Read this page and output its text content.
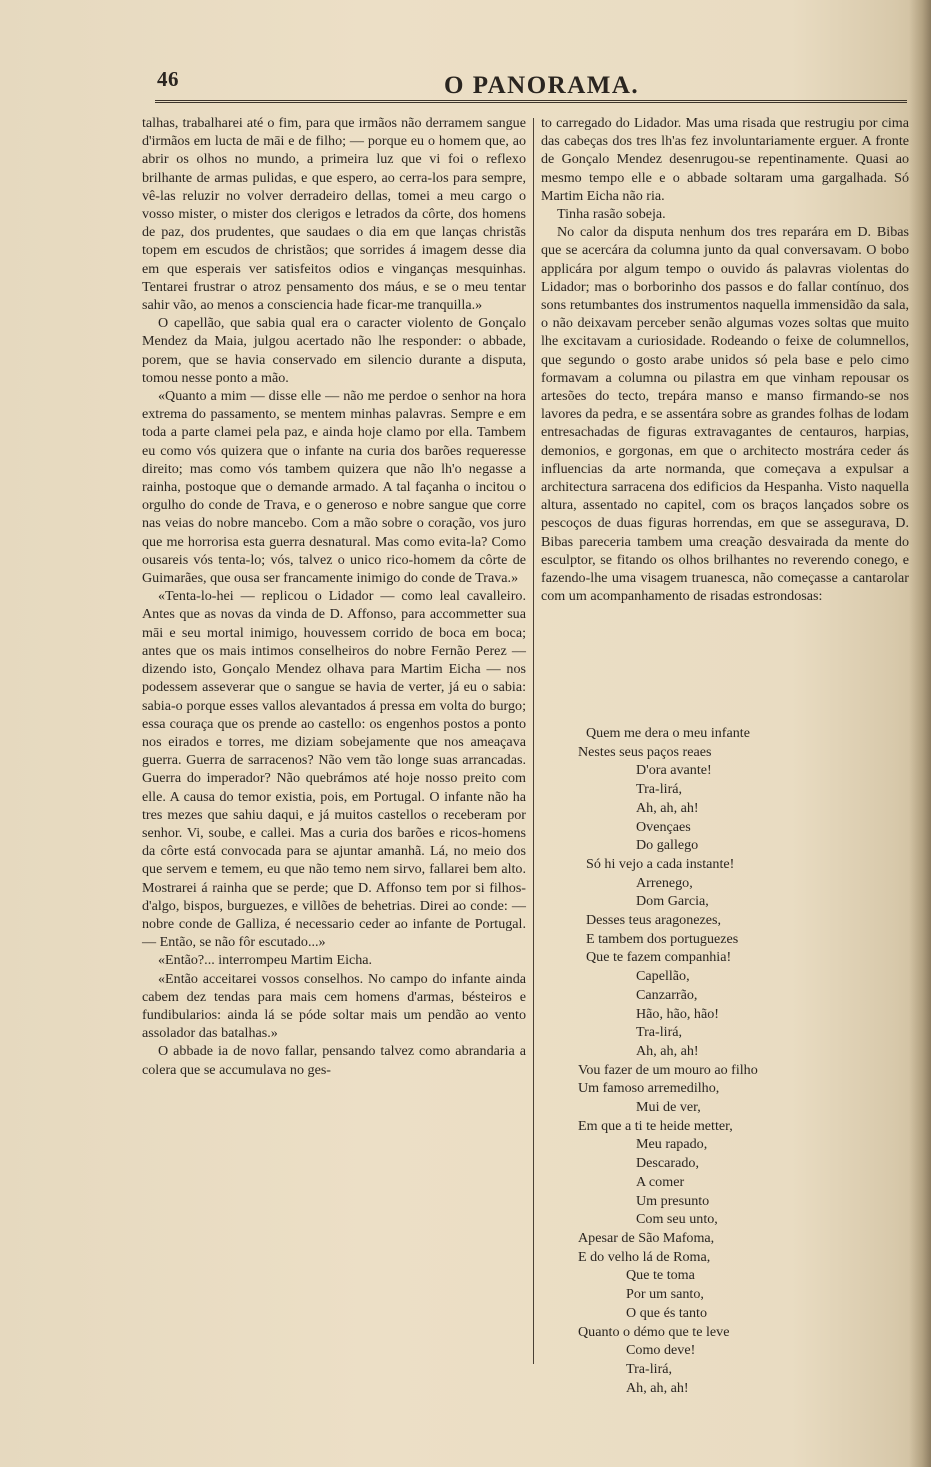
46	O PANORAMA.

talhas, trabalharei até o fim, para que irmãos não derramem sangue d'irmãos em lucta de māi e de filho; — porque eu o homem que, ao abrir os olhos no mundo, a primeira luz que vi foi o reflexo brilhante de armas pulidas, e que espero, ao cerra-los para sempre, vê-las reluzir no volver derradeiro dellas, tomei a meu cargo o vosso mister, o mister dos clerigos e letrados da côrte, dos homens de paz, dos prudentes, que saudaes o dia em que lanças christãs topem em escudos de christãos; que sorrides á imagem desse dia em que esperais ver satisfeitos odios e vinganças mesquinhas. Tentarei frustrar o atroz pensamento dos máus, e se o meu tentar sahir vão, ao menos a consciencia hade ficar-me tranquilla.»

O capellão, que sabia qual era o caracter violento de Gonçalo Mendez da Maia, julgou acertado não lhe responder: o abbade, porem, que se havia conservado em silencio durante a disputa, tomou nesse ponto a mão.

«Quanto a mim — disse elle — não me perdoe o senhor na hora extrema do passamento, se mentem minhas palavras. Sempre e em toda a parte clamei pela paz, e ainda hoje clamo por ella. Tambem eu como vós quizera que o infante na curia dos barões requeresse direito; mas como vós tambem quizera que não lh'o negasse a rainha, postoque que o demande armado. A tal façanha o incitou o orgulho do conde de Trava, e o generoso e nobre sangue que corre nas veias do nobre mancebo. Com a mão sobre o coração, vos juro que me horrorisa esta guerra desnatural. Mas como evita-la? Como ousareis vós tenta-lo; vós, talvez o unico rico-homem da côrte de Guimarães, que ousa ser francamente inimigo do conde de Trava.»

«Tenta-lo-hei — replicou o Lidador — como leal cavalleiro. Antes que as novas da vinda de D. Affonso, para accommetter sua māi e seu mortal inimigo, houvessem corrido de boca em boca; antes que os mais intimos conselheiros do nobre Fernão Perez — dizendo isto, Gonçalo Mendez olhava para Martim Eicha — nos podessem asseverar que o sangue se havia de verter, já eu o sabia: sabia-o porque esses vallos alevantados á pressa em volta do burgo; essa couraça que os prende ao castello: os engenhos postos a ponto nos eirados e torres, me diziam sobejamente que nos ameaçava guerra. Guerra de sarracenos? Não vem tão longe suas arrancadas. Guerra do imperador? Não quebrámos até hoje nosso preito com elle. A causa do temor existia, pois, em Portugal. O infante não ha tres mezes que sahiu daqui, e já muitos castellos o receberam por senhor. Vi, soube, e callei. Mas a curia dos barões e ricos-homens da côrte está convocada para se ajuntar amanhã. Lá, no meio dos que servem e temem, eu que não temo nem sirvo, fallarei bem alto. Mostrarei á rainha que se perde; que D. Affonso tem por si filhos-d'algo, bispos, burguezes, e villões de behetrias. Direi ao conde: — nobre conde de Galliza, é necessario ceder ao infante de Portugal. — Então, se não fôr escutado...»

«Então?... interrompeu Martim Eicha.

«Então acceitarei vossos conselhos. No campo do infante ainda cabem dez tendas para mais cem homens d'armas, bésteiros e fundibularios: ainda lá se póde soltar mais um pendão ao vento assolador das batalhas.»

O abbade ia de novo fallar, pensando talvez como abrandaria a colera que se accumulava no ges-

to carregado do Lidador. Mas uma risada que restrugiu por cima das cabeças dos tres lh'as fez involuntariamente erguer. A fronte de Gonçalo Mendez desenrugou-se repentinamente. Quasi ao mesmo tempo elle e o abbade soltaram uma gargalhada. Só Martim Eicha não ria.

Tinha rasão sobeja.

No calor da disputa nenhum dos tres reparára em D. Bibas que se acercára da columna junto da qual conversavam. O bobo applicára por algum tempo o ouvido ás palavras violentas do Lidador; mas o borborinho dos passos e do fallar contínuo, dos sons retumbantes dos instrumentos naquella immensidão da sala, o não deixavam perceber senão algumas vozes soltas que muito lhe excitavam a curiosidade. Rodeando o feixe de columnellos, que segundo o gosto arabe unidos só pela base e pelo cimo formavam a columna ou pilastra em que vinham repousar os artesões do tecto, trepára manso e manso firmando-se nos lavores da pedra, e se assentára sobre as grandes folhas de lodam entresachadas de figuras extravagantes de centauros, harpias, demonios, e gorgonas, em que o architecto mostrára ceder ás influencias da arte normanda, que começava a expulsar a architectura sarracena dos edificios da Hespanha. Visto naquella altura, assentado no capitel, com os braços lançados sobre os pescoços de duas figuras horrendas, em que se assegurava, D. Bibas pareceria tambem uma creação desvairada da mente do esculptor, se fitando os olhos brilhantes no reverendo conego, e fazendo-lhe uma visagem truanesca, não começasse a cantarolar com um acompanhamento de risadas estrondosas:

Quem me dera o meu infante
Nestes seus paços reaes
D'ora avante!
Tra-lirá,
Ah, ah, ah!
Ovençaes
Do gallego
Só hi vejo a cada instante!
Arrenego,
Dom Garcia,
Desses teus aragonezes,
E tambem dos portuguezes
Que te fazem companhia!
Capellão,
Canzarrão,
Hão, hão, hão!
Tra-lirá,
Ah, ah, ah!
Vou fazer de um mouro ao filho
Um famoso arremedilho,
Mui de ver,
Em que a ti te heide metter,
Meu rapado,
Descarado,
A comer
Um presunto
Com seu unto,
Apesar de São Mafoma,
E do velho lá de Roma,
Que te toma
Por um santo,
O que és tanto
Quanto o démo que te leve
Como deve!
Tra-lirá,
Ah, ah, ah!
